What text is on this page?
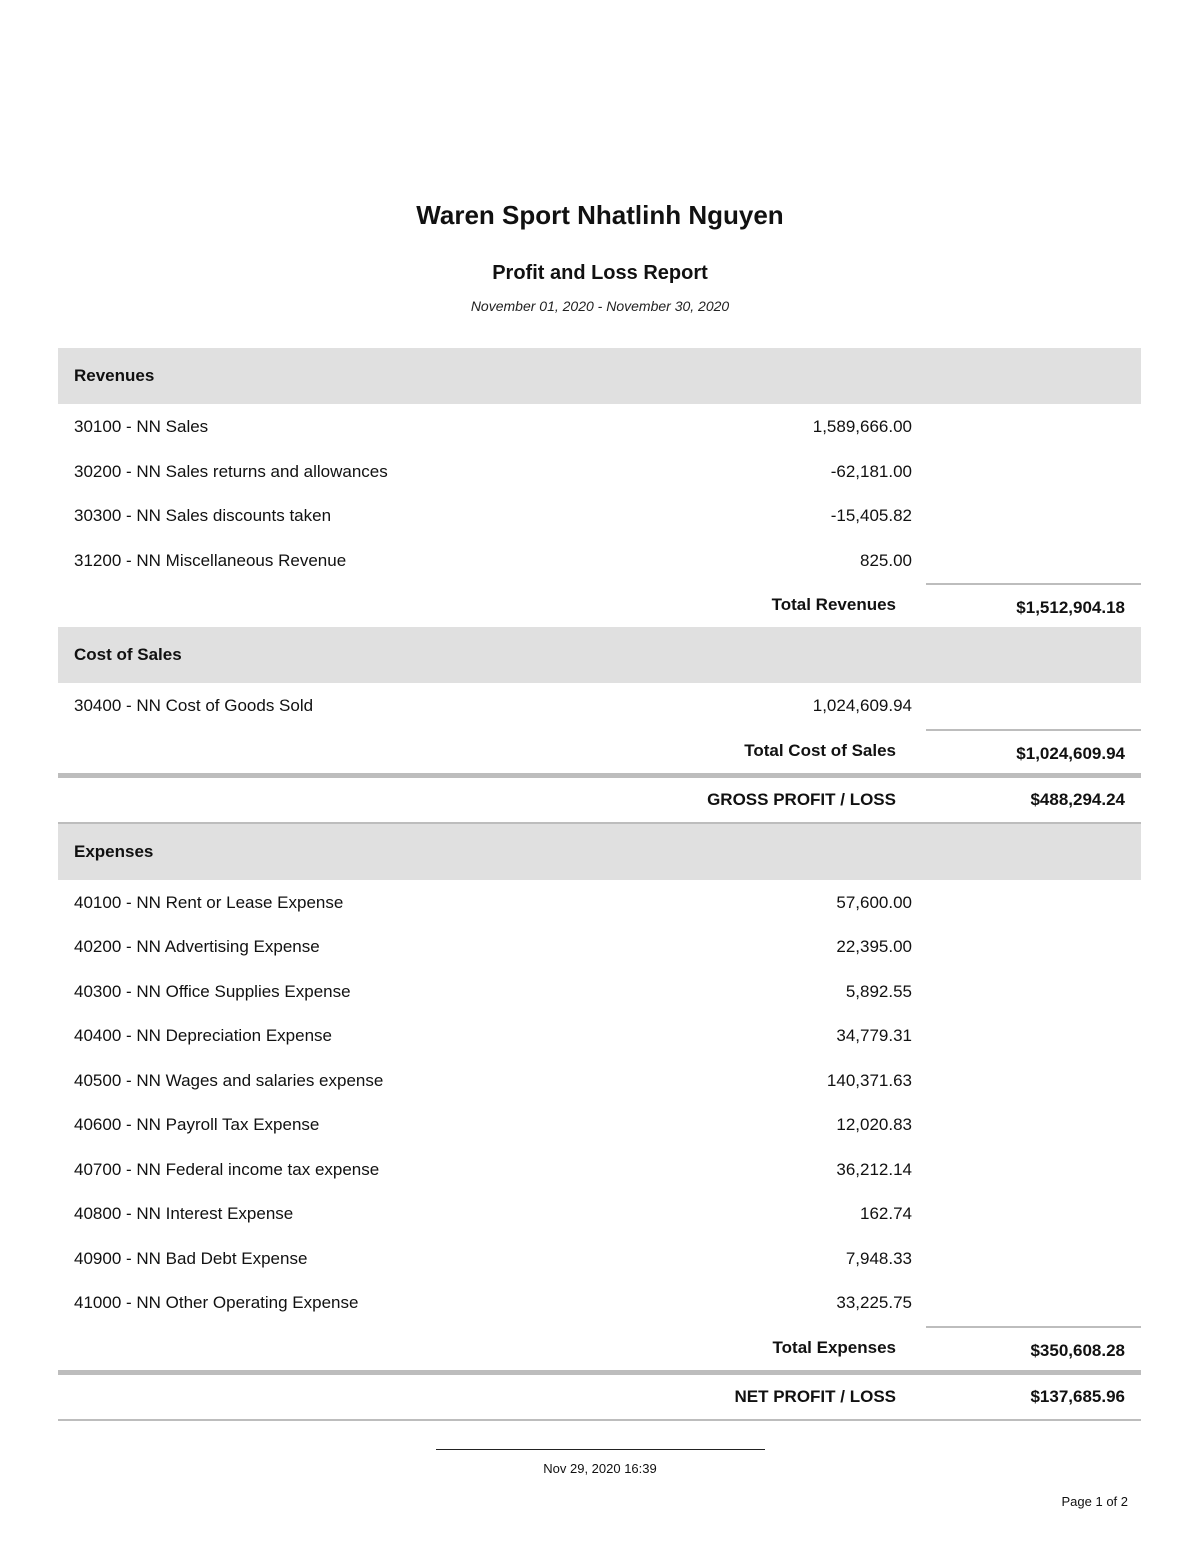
Waren Sport Nhatlinh Nguyen
Profit and Loss Report
November 01, 2020 - November 30, 2020
Revenues
30100 - NN Sales	1,589,666.00
30200 - NN Sales returns and allowances	-62,181.00
30300 - NN Sales discounts taken	-15,405.82
31200 - NN Miscellaneous Revenue	825.00
Total Revenues	$1,512,904.18
Cost of Sales
30400 - NN Cost of Goods Sold	1,024,609.94
Total Cost of Sales	$1,024,609.94
GROSS PROFIT / LOSS	$488,294.24
Expenses
40100 - NN Rent or Lease Expense	57,600.00
40200 - NN Advertising Expense	22,395.00
40300 - NN Office Supplies Expense	5,892.55
40400 - NN Depreciation Expense	34,779.31
40500 - NN Wages and salaries expense	140,371.63
40600 - NN Payroll Tax Expense	12,020.83
40700 - NN Federal income tax expense	36,212.14
40800 - NN Interest Expense	162.74
40900 - NN Bad Debt Expense	7,948.33
41000 - NN Other Operating Expense	33,225.75
Total Expenses	$350,608.28
NET PROFIT / LOSS	$137,685.96
Nov 29, 2020 16:39
Page 1 of 2
